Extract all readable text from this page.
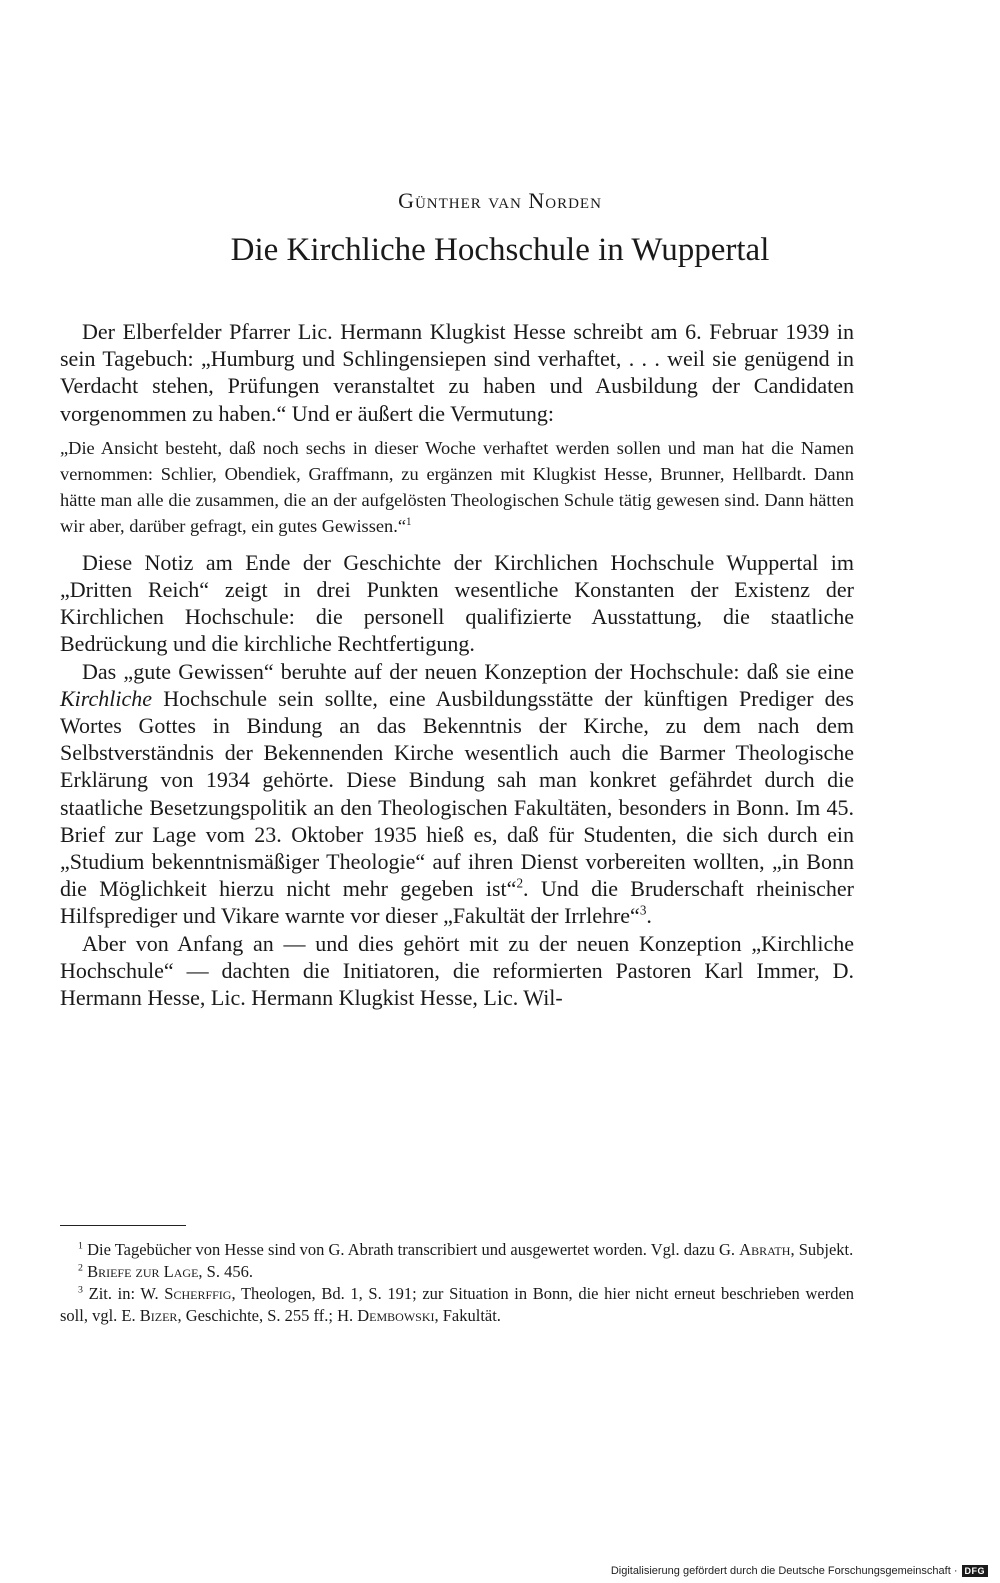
Günther van Norden
Die Kirchliche Hochschule in Wuppertal

Der Elberfelder Pfarrer Lic. Hermann Klugkist Hesse schreibt am 6. Februar 1939 in sein Tagebuch: „Humburg und Schlingensiepen sind verhaftet, . . . weil sie genügend in Verdacht stehen, Prüfungen veranstaltet zu haben und Ausbildung der Candidaten vorgenommen zu haben.“ Und er äußert die Vermutung:

„Die Ansicht besteht, daß noch sechs in dieser Woche verhaftet werden sollen und man hat die Namen vernommen: Schlier, Obendiek, Graffmann, zu ergänzen mit Klugkist Hesse, Brunner, Hellbardt. Dann hätte man alle die zusammen, die an der aufgelösten Theologischen Schule tätig gewesen sind. Dann hätten wir aber, darüber gefragt, ein gutes Gewissen.“$^1$

Diese Notiz am Ende der Geschichte der Kirchlichen Hochschule Wuppertal im „Dritten Reich“ zeigt in drei Punkten wesentliche Konstanten der Existenz der Kirchlichen Hochschule: die personell qualifizierte Ausstattung, die staatliche Bedrückung und die kirchliche Rechtfertigung.

Das „gute Gewissen“ beruhte auf der neuen Konzeption der Hochschule: daß sie eine Kirchliche Hochschule sein sollte, eine Ausbildungsstätte der künftigen Prediger des Wortes Gottes in Bindung an das Bekenntnis der Kirche, zu dem nach dem Selbstverständnis der Bekennenden Kirche wesentlich auch die Barmer Theologische Erklärung von 1934 gehörte. Diese Bindung sah man konkret gefährdet durch die staatliche Besetzungspolitik an den Theologischen Fakultäten, besonders in Bonn. Im 45. Brief zur Lage vom 23. Oktober 1935 hieß es, daß für Studenten, die sich durch ein „Studium bekenntnismäßiger Theologie“ auf ihren Dienst vorbereiten wollten, „in Bonn die Möglichkeit hierzu nicht mehr gegeben ist“$^2$. Und die Bruderschaft rheinischer Hilfsprediger und Vikare warnte vor dieser „Fakultät der Irrlehre“$^3$.

Aber von Anfang an — und dies gehört mit zu der neuen Konzeption „Kirchliche Hochschule“ — dachten die Initiatoren, die reformierten Pastoren Karl Immer, D. Hermann Hesse, Lic. Hermann Klugkist Hesse, Lic. Wil-

$^1$ Die Tagebücher von Hesse sind von G. Abrath transcribiert und ausgewertet worden. Vgl. dazu G. Abrath, Subjekt.

$^2$ Briefe zur Lage, S. 456.

$^3$ Zit. in: W. Scherffig, Theologen, Bd. 1, S. 191; zur Situation in Bonn, die hier nicht erneut beschrieben werden soll, vgl. E. Bizer, Geschichte, S. 255 ff.; H. Dembowski, Fakultät.

Digitalisierung gefördert durch die Deutsche Forschungsgemeinschaft · DFG
